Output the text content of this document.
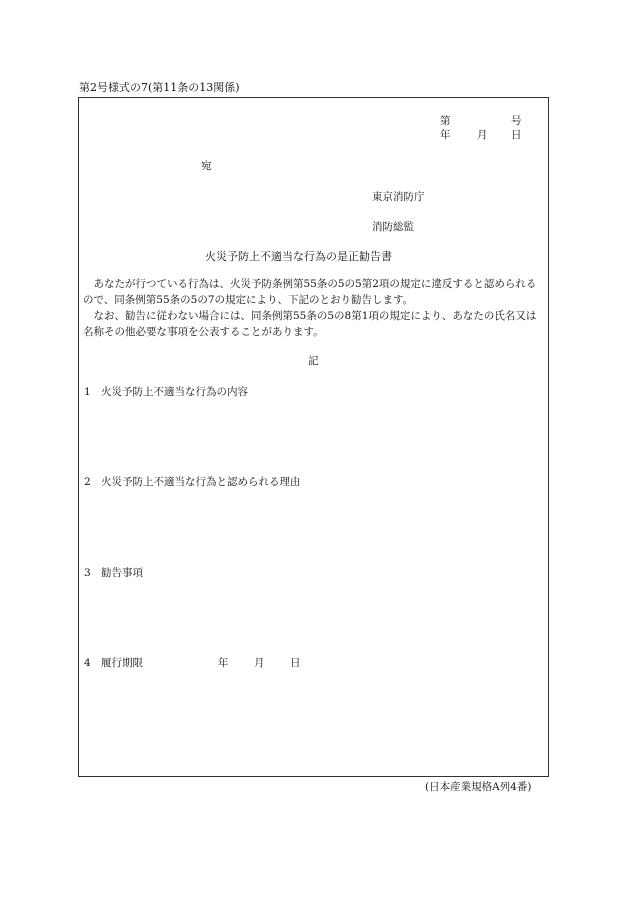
第2号様式の7(第11条の13関係)
第	号
年	月 日
宛
東京消防庁
消防総監
火災予防上不適当な行為の是正勧告書
あなたが行つている行為は、火災予防条例第55条の5の5第2項の規定に違反すると認められるので、同条例第55条の5の7の規定により、下記のとおり勧告します。
なお、勧告に従わない場合には、同条例第55条の5の8第1項の規定により、あなたの氏名又は名称その他必要な事項を公表することがあります。
記
1 火災予防上不適当な行為の内容
2 火災予防上不適当な行為と認められる理由
3 勧告事項
4 履行期限	年 月 日
(日本産業規格A列4番)
